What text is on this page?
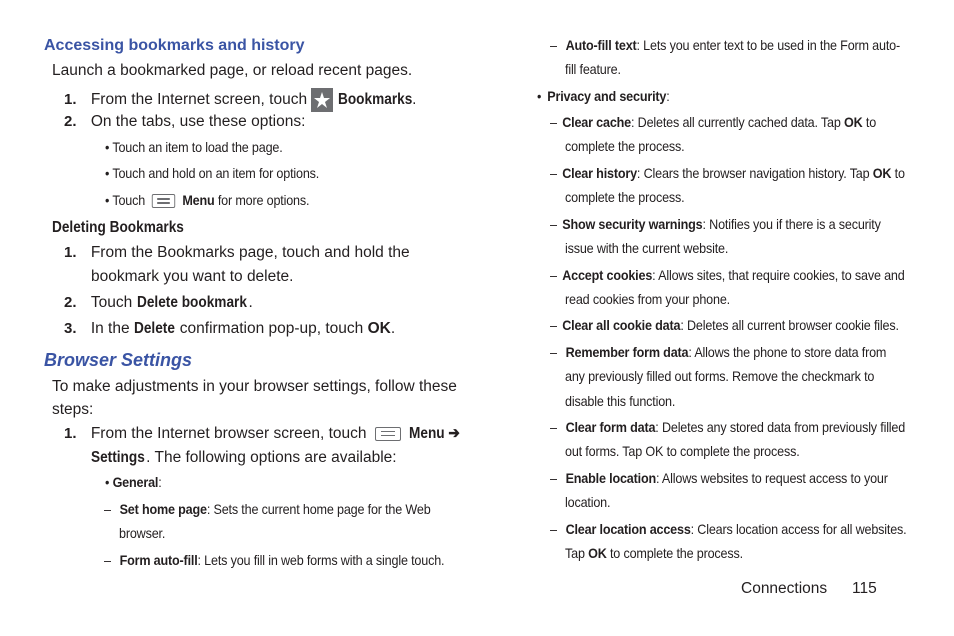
Accessing bookmarks and history
Launch a bookmarked page, or reload recent pages.
1. From the Internet screen, touch Bookmarks.
2. On the tabs, use these options:
• Touch an item to load the page.
• Touch and hold on an item for options.
• Touch	Menu for more options.
Deleting Bookmarks
1. From the Bookmarks page, touch and hold the
bookmark you want to delete.
2. Touch Delete bookmark .
3. In the Delete confirmation pop-up, touch OK.
Browser Settings
To make adjustments in your browser settings, follow these
steps:
1. From the Internet browser screen, touch	Menu ➔
Settings. The following options are available:
• General:
– Set home page: Sets the current home page for the Web
browser.
– Form auto-fill: Lets you fill in web forms with a single touch.
– Auto-fill text: Lets you enter text to be used in the Form auto-
fill feature.
• Privacy and security:
– Clear cache: Deletes all currently cached data. Tap OK to
complete the process.
– Clear history: Clears the browser navigation history. Tap OK to
complete the process.
– Show security warnings: Notifies you if there is a security
issue with the current website.
– Accept cookies: Allows sites, that require cookies, to save and
read cookies from your phone.
– Clear all cookie data: Deletes all current browser cookie files.
– Remember form data: Allows the phone to store data from
any previously filled out forms. Remove the checkmark to
disable this function.
– Clear form data: Deletes any stored data from previously filled
out forms. Tap OK to complete the process.
– Enable location: Allows websites to request access to your
location.
– Clear location access: Clears location access for all websites.
Tap OK to complete the process.
Connections 115
